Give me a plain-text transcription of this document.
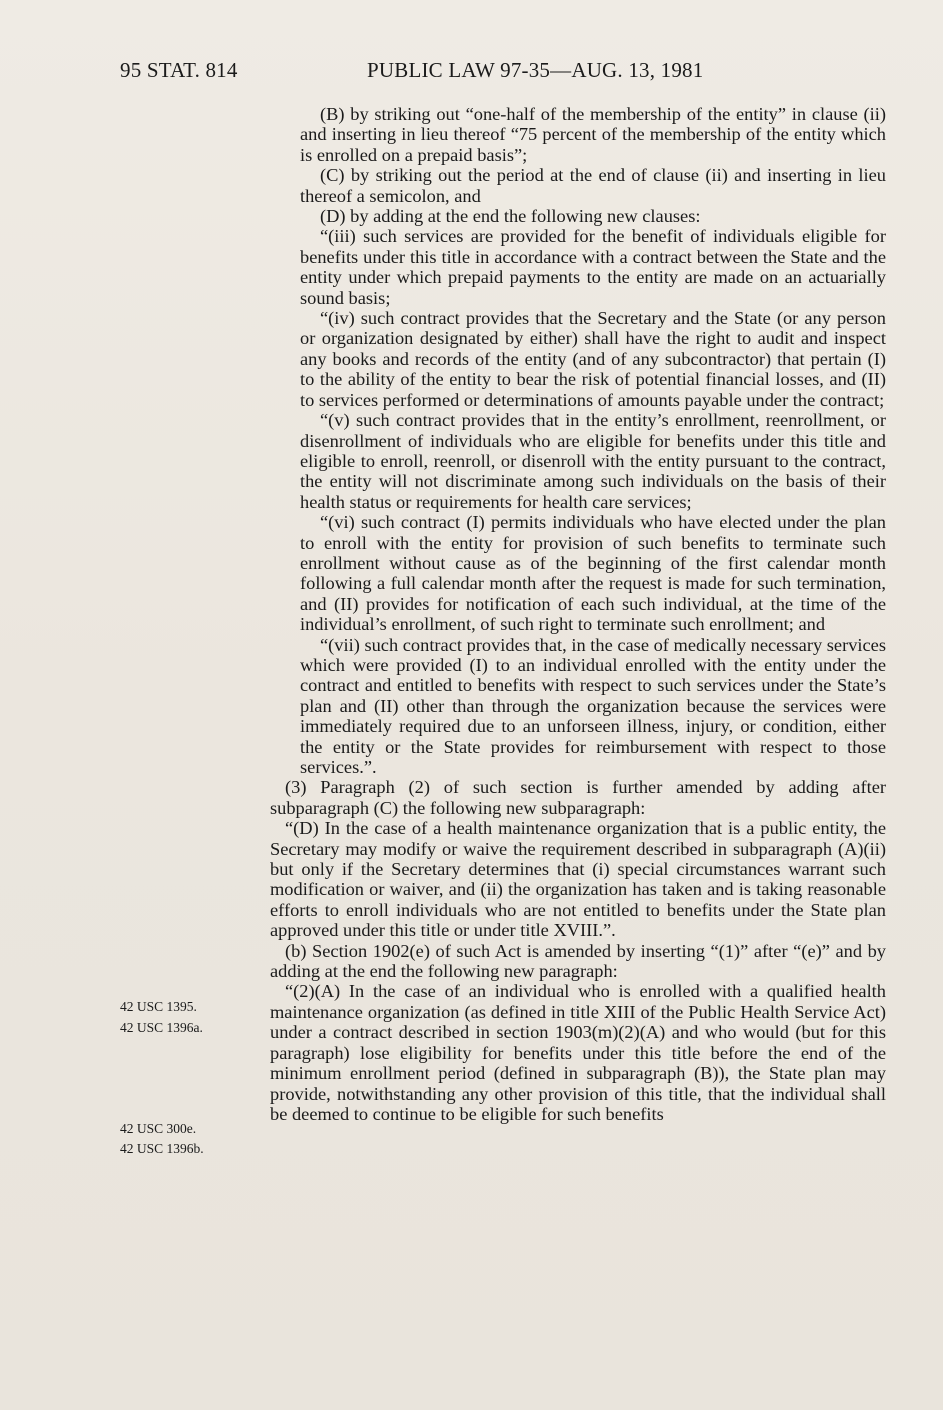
95 STAT. 814	PUBLIC LAW 97-35—AUG. 13, 1981
42 USC 1395.
42 USC 1396a.
42 USC 300e.
42 USC 1396b.

(B) by striking out “one-half of the membership of the entity” in clause (ii) and inserting in lieu thereof “75 percent of the membership of the entity which is enrolled on a prepaid basis”;

(C) by striking out the period at the end of clause (ii) and inserting in lieu thereof a semicolon, and

(D) by adding at the end the following new clauses:

“(iii) such services are provided for the benefit of individuals eligible for benefits under this title in accordance with a contract between the State and the entity under which prepaid payments to the entity are made on an actuarially sound basis;

“(iv) such contract provides that the Secretary and the State (or any person or organization designated by either) shall have the right to audit and inspect any books and records of the entity (and of any subcontractor) that pertain (I) to the ability of the entity to bear the risk of potential financial losses, and (II) to services performed or determinations of amounts payable under the contract;

“(v) such contract provides that in the entity’s enrollment, reenrollment, or disenrollment of individuals who are eligible for benefits under this title and eligible to enroll, reenroll, or disenroll with the entity pursuant to the contract, the entity will not discriminate among such individuals on the basis of their health status or requirements for health care services;

“(vi) such contract (I) permits individuals who have elected under the plan to enroll with the entity for provision of such benefits to terminate such enrollment without cause as of the beginning of the first calendar month following a full calendar month after the request is made for such termination, and (II) provides for notification of each such individual, at the time of the individual’s enrollment, of such right to terminate such enrollment; and

“(vii) such contract provides that, in the case of medically necessary services which were provided (I) to an individual enrolled with the entity under the contract and entitled to benefits with respect to such services under the State’s plan and (II) other than through the organization because the services were immediately required due to an unforseen illness, injury, or condition, either the entity or the State provides for reimbursement with respect to those services.”.

(3) Paragraph (2) of such section is further amended by adding after subparagraph (C) the following new subparagraph:

“(D) In the case of a health maintenance organization that is a public entity, the Secretary may modify or waive the requirement described in subparagraph (A)(ii) but only if the Secretary determines that (i) special circumstances warrant such modification or waiver, and (ii) the organization has taken and is taking reasonable efforts to enroll individuals who are not entitled to benefits under the State plan approved under this title or under title XVIII.”.

(b) Section 1902(e) of such Act is amended by inserting “(1)” after “(e)” and by adding at the end the following new paragraph:

“(2)(A) In the case of an individual who is enrolled with a qualified health maintenance organization (as defined in title XIII of the Public Health Service Act) under a contract described in section 1903(m)(2)(A) and who would (but for this paragraph) lose eligibility for benefits under this title before the end of the minimum enrollment period (defined in subparagraph (B)), the State plan may provide, notwithstanding any other provision of this title, that the individual shall be deemed to continue to be eligible for such benefits
